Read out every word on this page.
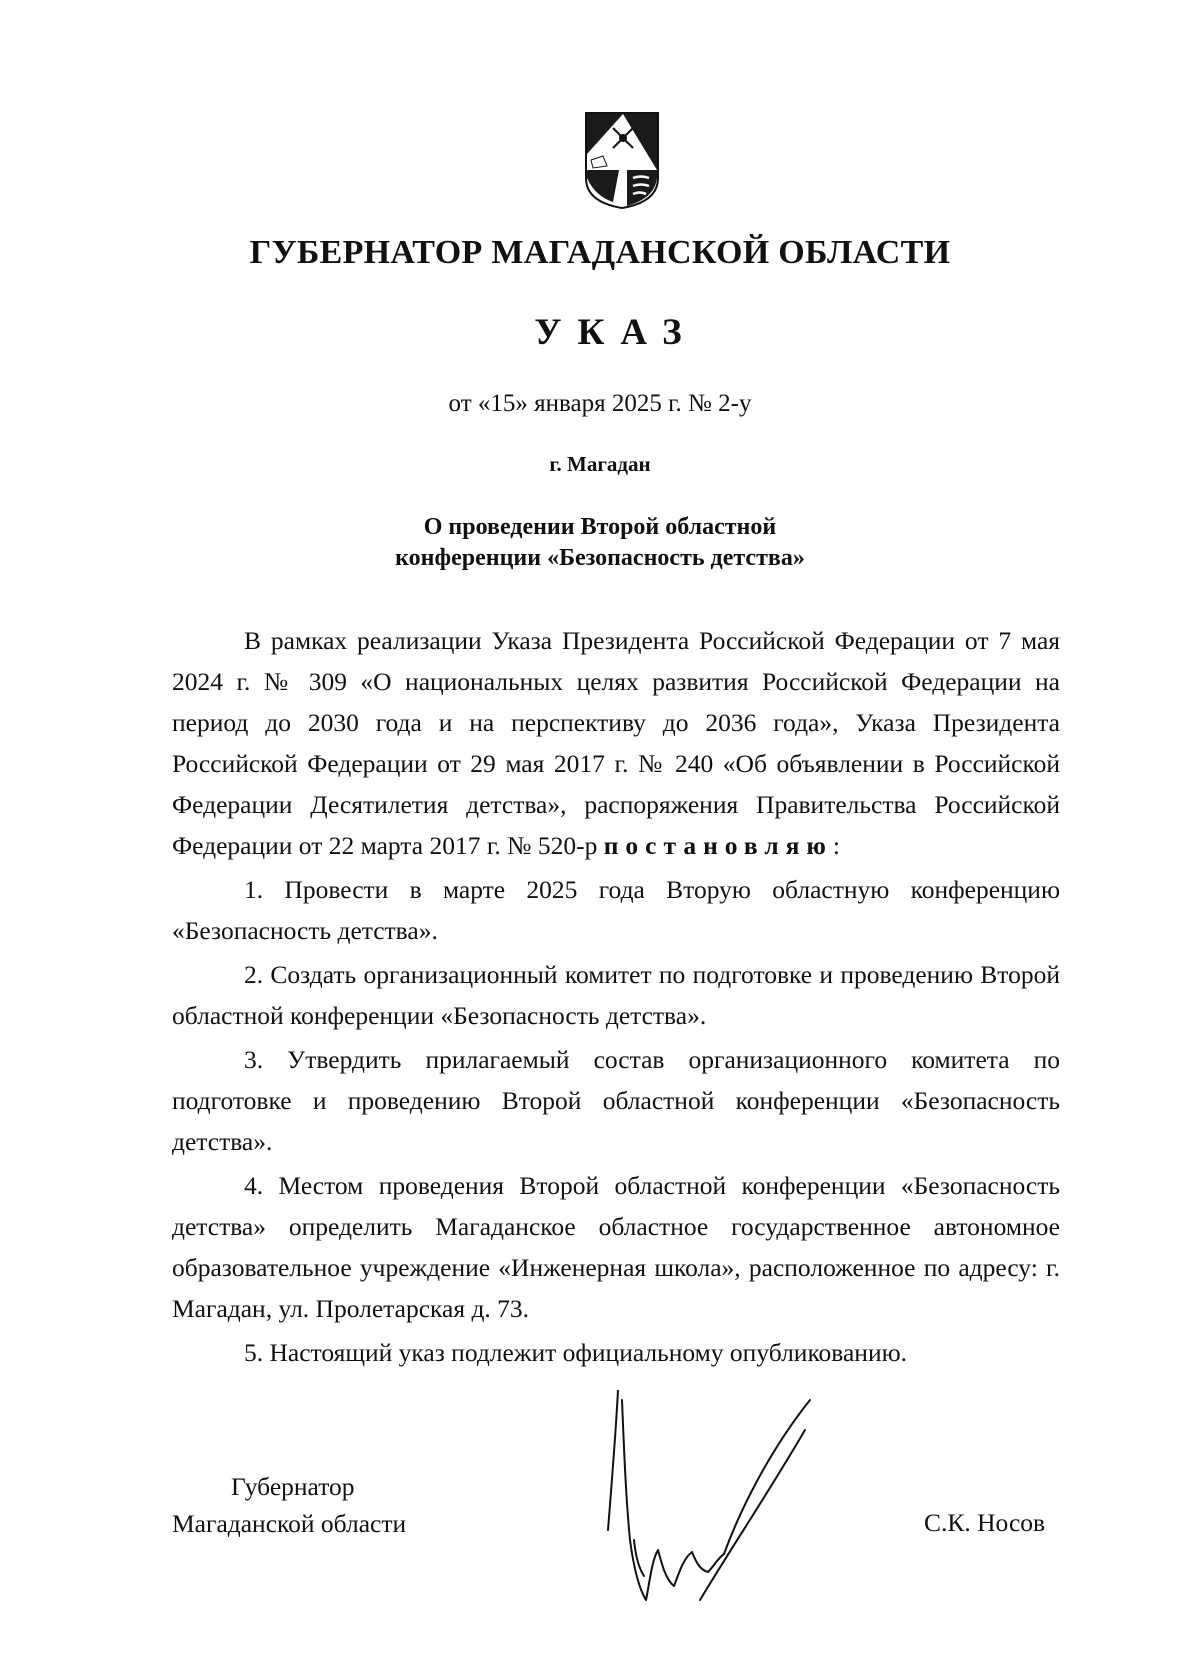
ГУБЕРНАТОР МАГАДАНСКОЙ ОБЛАСТИ
УКАЗ
от «15» января 2025 г. № 2-у
г. Магадан
О проведении Второй областной
конференции «Безопасность детства»

В рамках реализации Указа Президента Российской Федерации от 7 мая 2024 г. № 309 «О национальных целях развития Российской Федерации на период до 2030 года и на перспективу до 2036 года», Указа Президента Российской Федерации от 29 мая 2017 г. № 240 «Об объявлении в Российской Федерации Десятилетия детства», распоряжения Правительства Российской Федерации от 22 марта 2017 г. № 520-р постановляю:

1. Провести в марте 2025 года Вторую областную конференцию «Безопасность детства».

2. Создать организационный комитет по подготовке и проведению Второй областной конференции «Безопасность детства».

3. Утвердить прилагаемый состав организационного комитета по подготовке и проведению Второй областной конференции «Безопасность детства».

4. Местом проведения Второй областной конференции «Безопасность детства» определить Магаданское областное государственное автономное образовательное учреждение «Инженерная школа», расположенное по адресу: г. Магадан, ул. Пролетарская д. 73.

5. Настоящий указ подлежит официальному опубликованию.

Губернатор
Магаданской области	С.К. Носов
